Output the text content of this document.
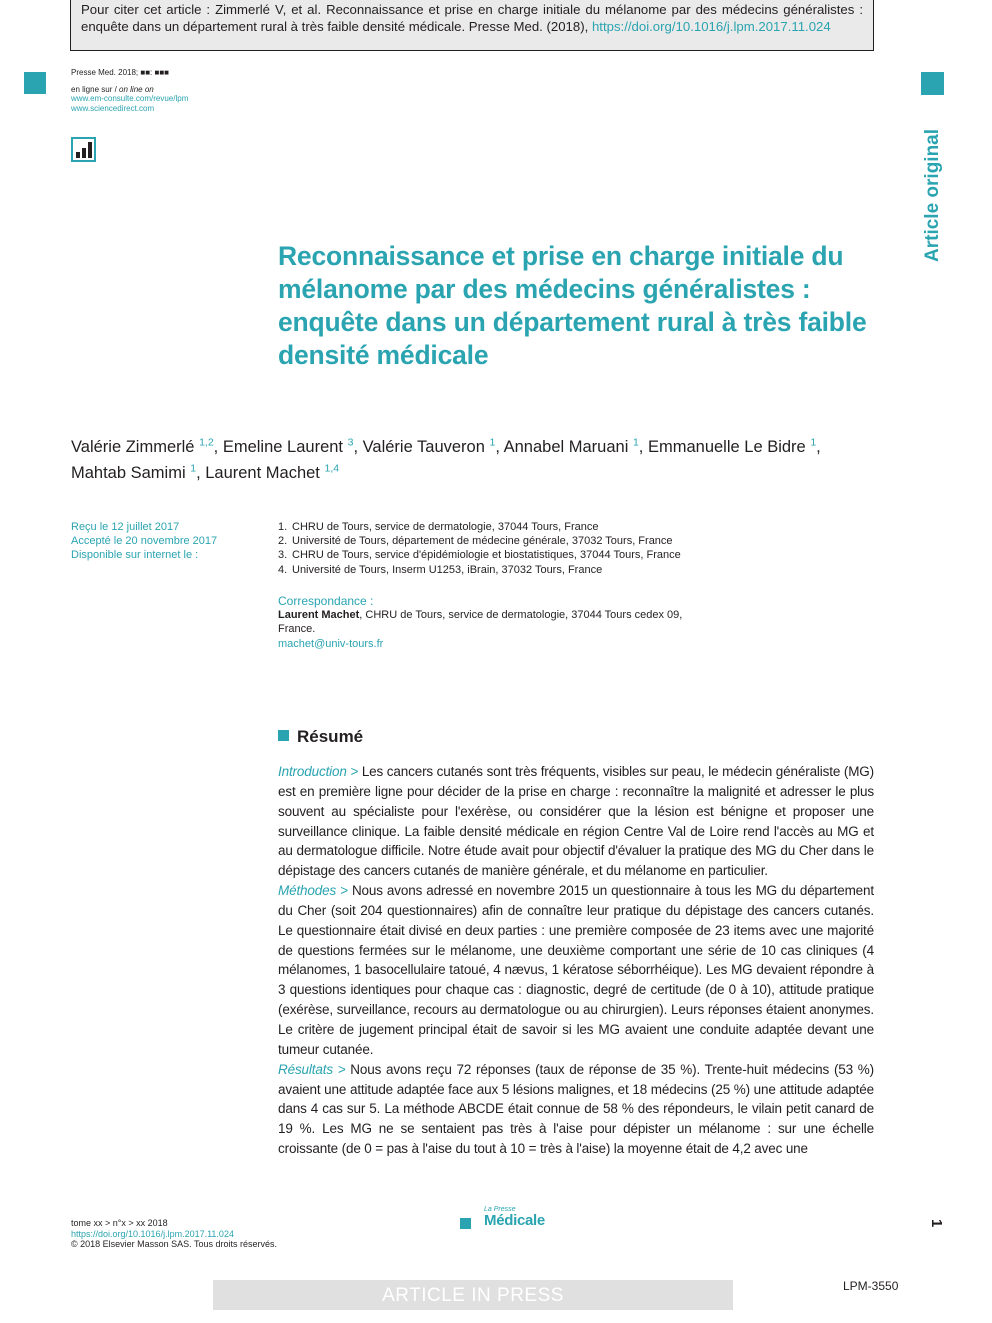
Pour citer cet article : Zimmerlé V, et al. Reconnaissance et prise en charge initiale du mélanome par des médecins généralistes : enquête dans un département rural à très faible densité médicale. Presse Med. (2018), https://doi.org/10.1016/j.lpm.2017.11.024
Article original
Presse Med. 2018; ■■: ■■■
en ligne sur / on line on
www.em-consulte.com/revue/lpm
www.sciencedirect.com
Reconnaissance et prise en charge initiale du mélanome par des médecins généralistes : enquête dans un département rural à très faible densité médicale
Valérie Zimmerlé $^{1,2}$, Emeline Laurent $^3$, Valérie Tauveron $^1$, Annabel Maruani $^1$, Emmanuelle Le Bidre $^1$,
Mahtab Samimi $^1$, Laurent Machet $^{1,4}$
Reçu le 12 juillet 2017
Accepté le 20 novembre 2017
Disponible sur internet le :
1. CHRU de Tours, service de dermatologie, 37044 Tours, France
2. Université de Tours, département de médecine générale, 37032 Tours, France
3. CHRU de Tours, service d'épidémiologie et biostatistiques, 37044 Tours, France
4. Université de Tours, Inserm U1253, iBrain, 37032 Tours, France
Correspondance :
Laurent Machet, CHRU de Tours, service de dermatologie, 37044 Tours cedex 09, France.
machet@univ-tours.fr
Résumé

Introduction > Les cancers cutanés sont très fréquents, visibles sur peau, le médecin généraliste (MG) est en première ligne pour décider de la prise en charge : reconnaître la malignité et adresser le plus souvent au spécialiste pour l'exérèse, ou considérer que la lésion est bénigne et proposer une surveillance clinique. La faible densité médicale en région Centre Val de Loire rend l'accès au MG et au dermatologue difficile. Notre étude avait pour objectif d'évaluer la pratique des MG du Cher dans le dépistage des cancers cutanés de manière générale, et du mélanome en particulier.

Méthodes > Nous avons adressé en novembre 2015 un questionnaire à tous les MG du département du Cher (soit 204 questionnaires) afin de connaître leur pratique du dépistage des cancers cutanés. Le questionnaire était divisé en deux parties : une première composée de 23 items avec une majorité de questions fermées sur le mélanome, une deuxième comportant une série de 10 cas cliniques (4 mélanomes, 1 basocellulaire tatoué, 4 nævus, 1 kératose séborrhéique). Les MG devaient répondre à 3 questions identiques pour chaque cas : diagnostic, degré de certitude (de 0 à 10), attitude pratique (exérèse, surveillance, recours au dermatologue ou au chirurgien). Leurs réponses étaient anonymes. Le critère de jugement principal était de savoir si les MG avaient une conduite adaptée devant une tumeur cutanée.

Résultats > Nous avons reçu 72 réponses (taux de réponse de 35 %). Trente-huit médecins (53 %) avaient une attitude adaptée face aux 5 lésions malignes, et 18 médecins (25 %) une attitude adaptée dans 4 cas sur 5. La méthode ABCDE était connue de 58 % des répondeurs, le vilain petit canard de 19 %. Les MG ne se sentaient pas très à l'aise pour dépister un mélanome : sur une échelle croissante (de 0 = pas à l'aise du tout à 10 = très à l'aise) la moyenne était de 4,2 avec une

tome xx > n°x > xx 2018
https://doi.org/10.1016/j.lpm.2017.11.024
© 2018 Elsevier Masson SAS. Tous droits réservés.
La Presse
Médicale	1
ARTICLE IN PRESS	LPM-3550
